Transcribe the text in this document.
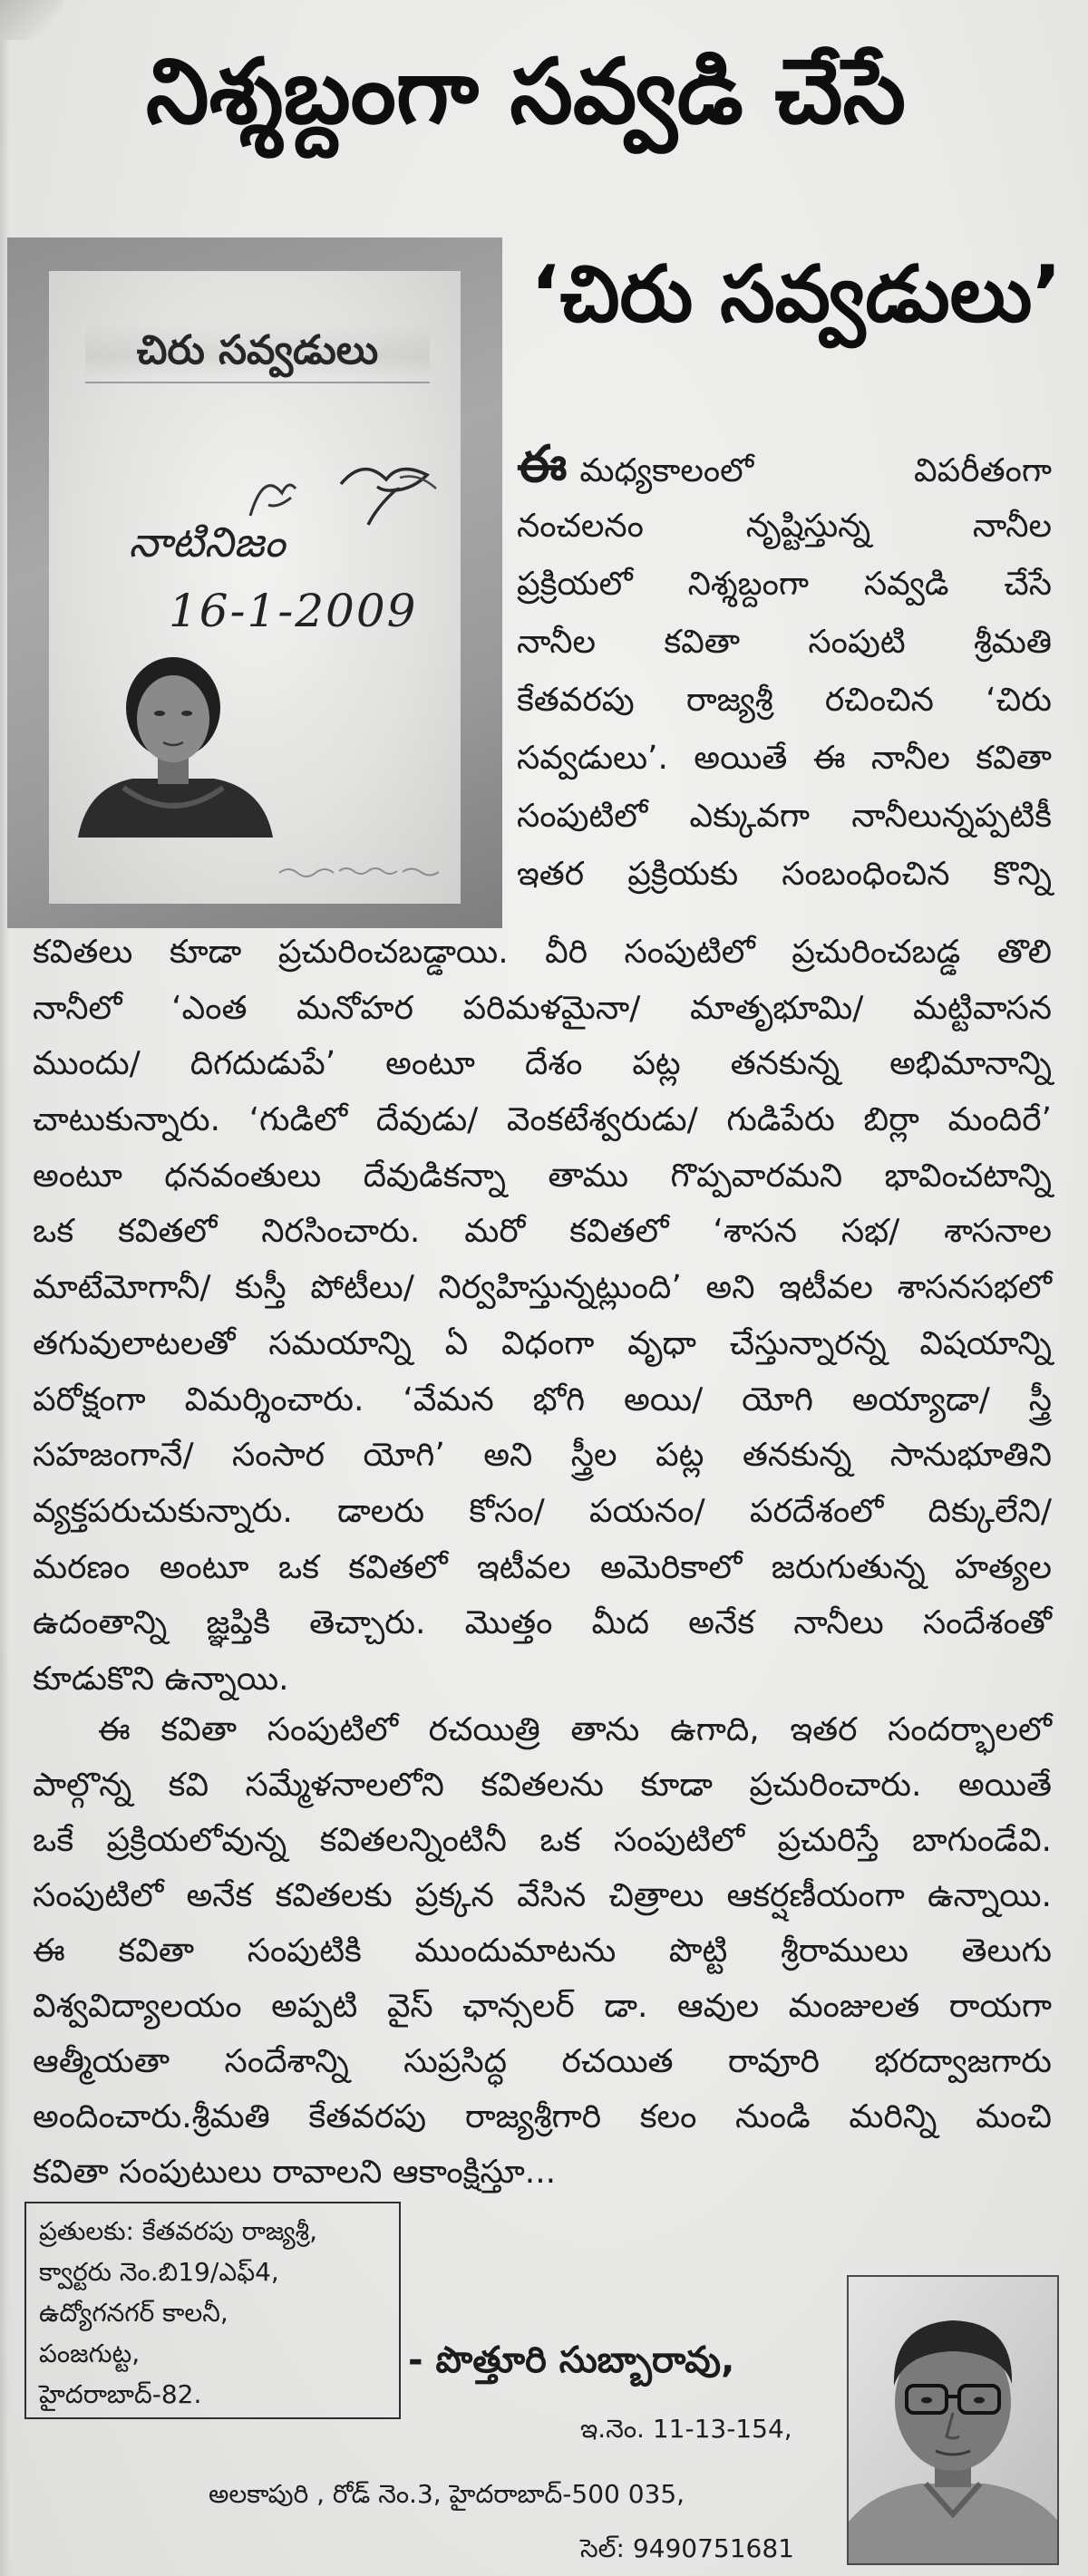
నిశ్శబ్దంగా సవ్వడి చేసే
‘చిరు సవ్వడులు’
చిరు సవ్వడులు
నాటినిజం
16-1-2009
ఈమధ్యకాలంలో విపరీతంగా
నంచలనం నృష్టిస్తున్న నానీల
ప్రక్రియలో నిశ్శబ్దంగా సవ్వడి చేసే
నానీల కవితా సంపుటి శ్రీమతి
కేతవరపు రాజ్యశ్రీ రచించిన ‘చిరు
సవ్వడులు’. అయితే ఈ నానీల కవితా
సంపుటిలో ఎక్కువగా నానీలున్నప్పటికీ
ఇతర ప్రక్రియకు సంబంధించిన కొన్ని
కవితలు కూడా ప్రచురించబడ్డాయి. వీరి సంపుటిలో ప్రచురించబడ్డ తొలి
నానీలో ‘ఎంత మనోహర పరిమళమైనా/ మాతృభూమి/ మట్టివాసన
ముందు/ దిగదుడుపే’ అంటూ దేశం పట్ల తనకున్న అభిమానాన్ని
చాటుకున్నారు. ‘గుడిలో దేవుడు/ వెంకటేశ్వరుడు/ గుడిపేరు బిర్లా మందిరే’
అంటూ ధనవంతులు దేవుడికన్నా తాము గొప్పవారమని భావించటాన్ని
ఒక కవితలో నిరసించారు. మరో కవితలో ‘శాసన సభ/ శాసనాల
మాటేమోగానీ/ కుస్తీ పోటీలు/ నిర్వహిస్తున్నట్లుంది’ అని ఇటీవల శాసనసభలో
తగువులాటలతో సమయాన్ని ఏ విధంగా వృధా చేస్తున్నారన్న విషయాన్ని
పరోక్షంగా విమర్శించారు. ‘వేమన భోగి అయి/ యోగి అయ్యాడా/ స్త్రీ
సహజంగానే/ సంసార యోగి’ అని స్త్రీల పట్ల తనకున్న సానుభూతిని
వ్యక్తపరుచుకున్నారు. డాలరు కోసం/ పయనం/ పరదేశంలో దిక్కులేని/
మరణం అంటూ ఒక కవితలో ఇటీవల అమెరికాలో జరుగుతున్న హత్యల
ఉదంతాన్ని జ్ఞప్తికి తెచ్చారు. మొత్తం మీద అనేక నానీలు సందేశంతో
కూడుకొని ఉన్నాయి.
ఈ కవితా సంపుటిలో రచయిత్రి తాను ఉగాది, ఇతర సందర్భాలలో
పాల్గొన్న కవి సమ్మేళనాలలోని కవితలను కూడా ప్రచురించారు. అయితే
ఒకే ప్రక్రియలోవున్న కవితలన్నింటినీ ఒక సంపుటిలో ప్రచురిస్తే బాగుండేవి.
సంపుటిలో అనేక కవితలకు ప్రక్కన వేసిన చిత్రాలు ఆకర్షణీయంగా ఉన్నాయి.
ఈ కవితా సంపుటికి ముందుమాటను పొట్టి శ్రీరాములు తెలుగు
విశ్వవిద్యాలయం అప్పటి వైస్ ఛాన్సలర్ డా. ఆవుల మంజులత రాయగా
ఆత్మీయతా సందేశాన్ని సుప్రసిద్ధ రచయిత రావూరి భరద్వాజగారు
అందించారు.శ్రీమతి కేతవరపు రాజ్యశ్రీగారి కలం నుండి మరిన్ని మంచి
కవితా సంపుటులు రావాలని ఆకాంక్షిస్తూ...
ప్రతులకు: కేతవరపు రాజ్యశ్రీ,
క్వార్టరు నెం.బి19/ఎఫ్4,
ఉద్యోగనగర్ కాలనీ,
పంజగుట్ట,
హైదరాబాద్-82.
- పొత్తూరి సుబ్బారావు,
ఇ.నెం. 11-13-154,
అలకాపురి , రోడ్ నెం.3, హైదరాబాద్-500 035,
సెల్: 9490751681
